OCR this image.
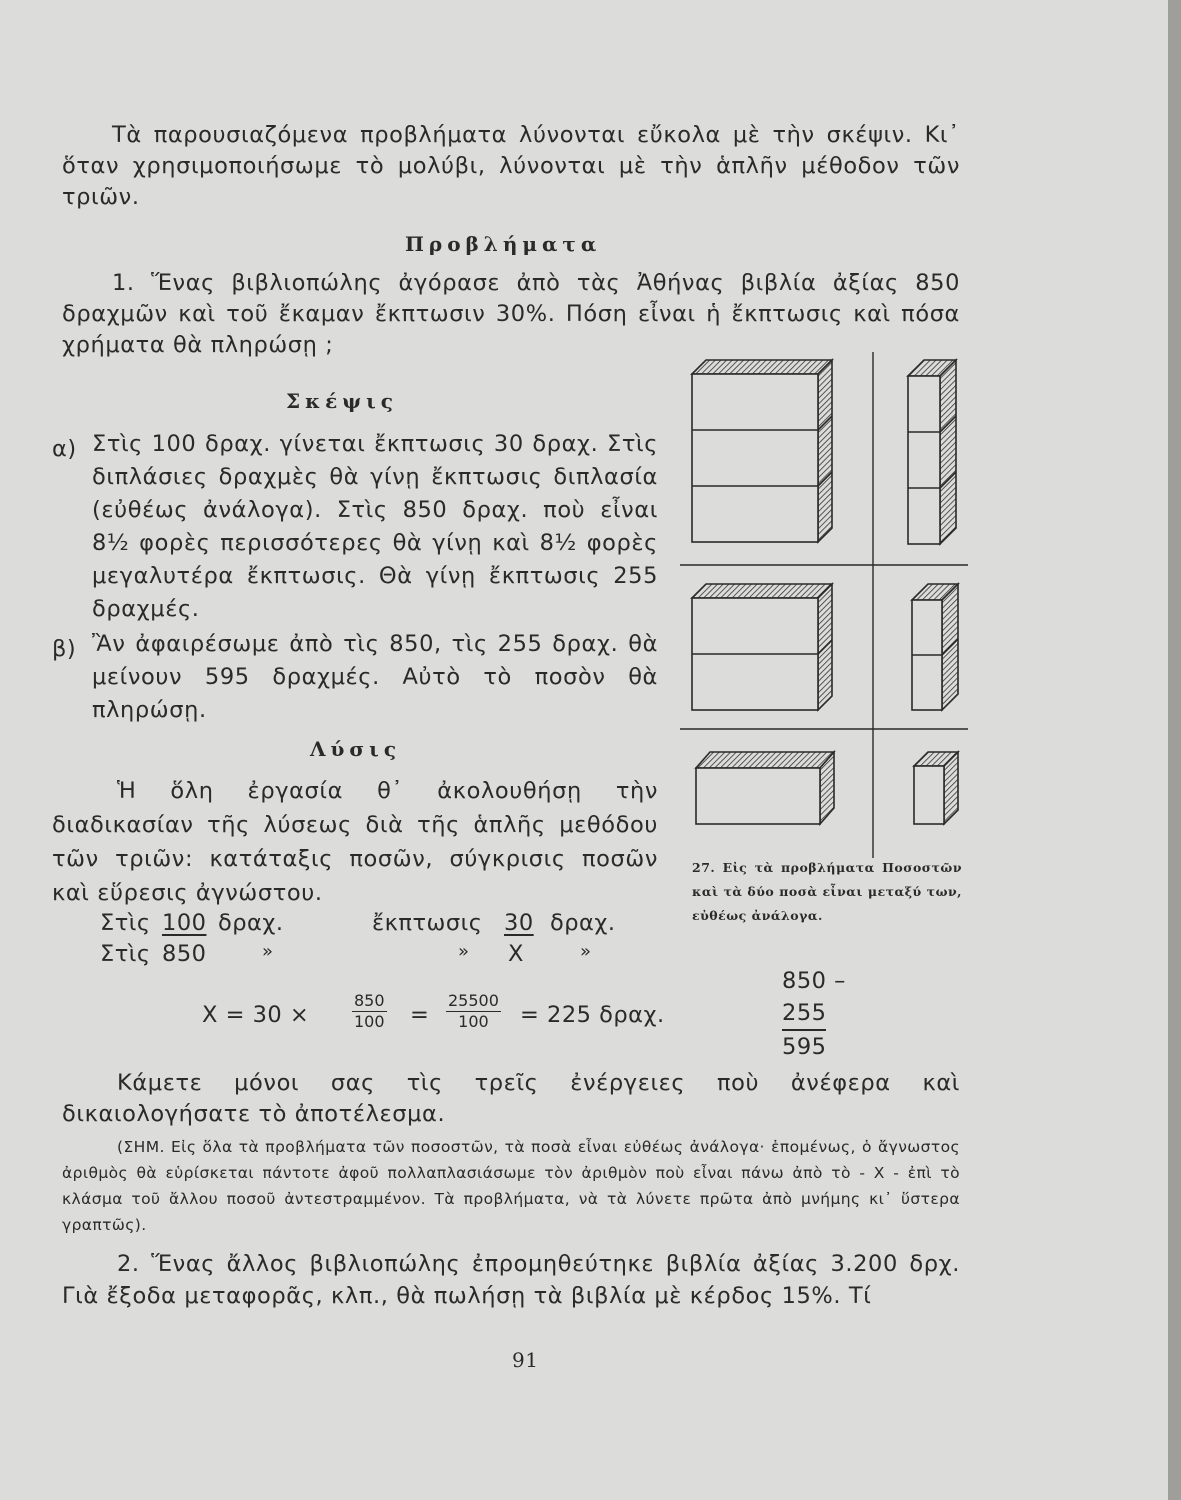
Τὰ παρουσιαζόμενα προβλήματα λύνονται εὔκολα μὲ τὴν σκέψιν. Κι᾽ ὅταν χρησιμοποιήσωμε τὸ μολύβι, λύνονται μὲ τὴν ἁπλῆν μέθοδον τῶν τριῶν.

Προβλήματα

1. Ἕνας βιβλιοπώλης ἀγόρασε ἀπὸ τὰς Ἀθήνας βιβλία ἀξίας 850 δραχμῶν καὶ τοῦ ἔκαμαν ἔκπτωσιν 30%. Πόση εἶναι ἡ ἔκπτωσις καὶ πόσα χρήματα θὰ πληρώσῃ ;

Σκέψις

α) Στὶς 100 δραχ. γίνεται ἔκπτωσις 30 δραχ. Στὶς διπλάσιες δραχμὲς θὰ γίνῃ ἔκπτωσις διπλασία (εὐθέως ἀνάλογα). Στὶς 850 δραχ. ποὺ εἶναι 8½ φορὲς περισσότερες θὰ γίνῃ καὶ 8½ φορὲς μεγαλυτέρα ἔκπτωσις. Θὰ γίνῃ ἔκπτωσις 255 δραχμές.

β) Ἂν ἀφαιρέσωμε ἀπὸ τὶς 850, τὶς 255 δραχ. θὰ μείνουν 595 δραχμές. Αὐτὸ τὸ ποσὸν θὰ πληρώσῃ.

Λύσις

Ἡ ὅλη ἐργασία θ᾽ ἀκολουθήσῃ τὴν διαδικασίαν τῆς λύσεως διὰ τῆς ἁπλῆς μεθόδου τῶν τριῶν: κατάταξις ποσῶν, σύγκρισις ποσῶν καὶ εὕρεσις ἀγνώστου.

Στὶς 100 δραχ.	ἔκπτωσις 30 δραχ.
Στὶς 850	»	» X	»
X = 30 ×	$\frac{850}{100} = \frac{25500}{100} = 225$ δραχ.
850 –
255
595

27. Εἰς τὰ προβλήματα Ποσοστῶν καὶ τὰ δύο ποσὰ εἶναι μεταξύ των, εὐθέως ἀνάλογα.

Κάμετε μόνοι σας τὶς τρεῖς ἐνέργειες ποὺ ἀνέφερα καὶ δικαιολογήσατε τὸ ἀποτέλεσμα.

(ΣΗΜ. Εἰς ὅλα τὰ προβλήματα τῶν ποσοστῶν, τὰ ποσὰ εἶναι εὐθέως ἀνάλογα· ἑπομένως, ὁ ἄγνωστος ἀριθμὸς θὰ εὑρίσκεται πάντοτε ἀφοῦ πολλαπλασιάσωμε τὸν ἀριθμὸν ποὺ εἶναι πάνω ἀπὸ τὸ - X - ἐπὶ τὸ κλάσμα τοῦ ἄλλου ποσοῦ ἀντεστραμμένον. Τὰ προβλήματα, νὰ τὰ λύνετε πρῶτα ἀπὸ μνήμης κι᾽ ὕστερα γραπτῶς).

2. Ἕνας ἄλλος βιβλιοπώλης ἐπρομηθεύτηκε βιβλία ἀξίας 3.200 δρχ. Γιὰ ἔξοδα μεταφορᾶς, κλπ., θὰ πωλήσῃ τὰ βιβλία μὲ κέρδος 15%. Τί

91
